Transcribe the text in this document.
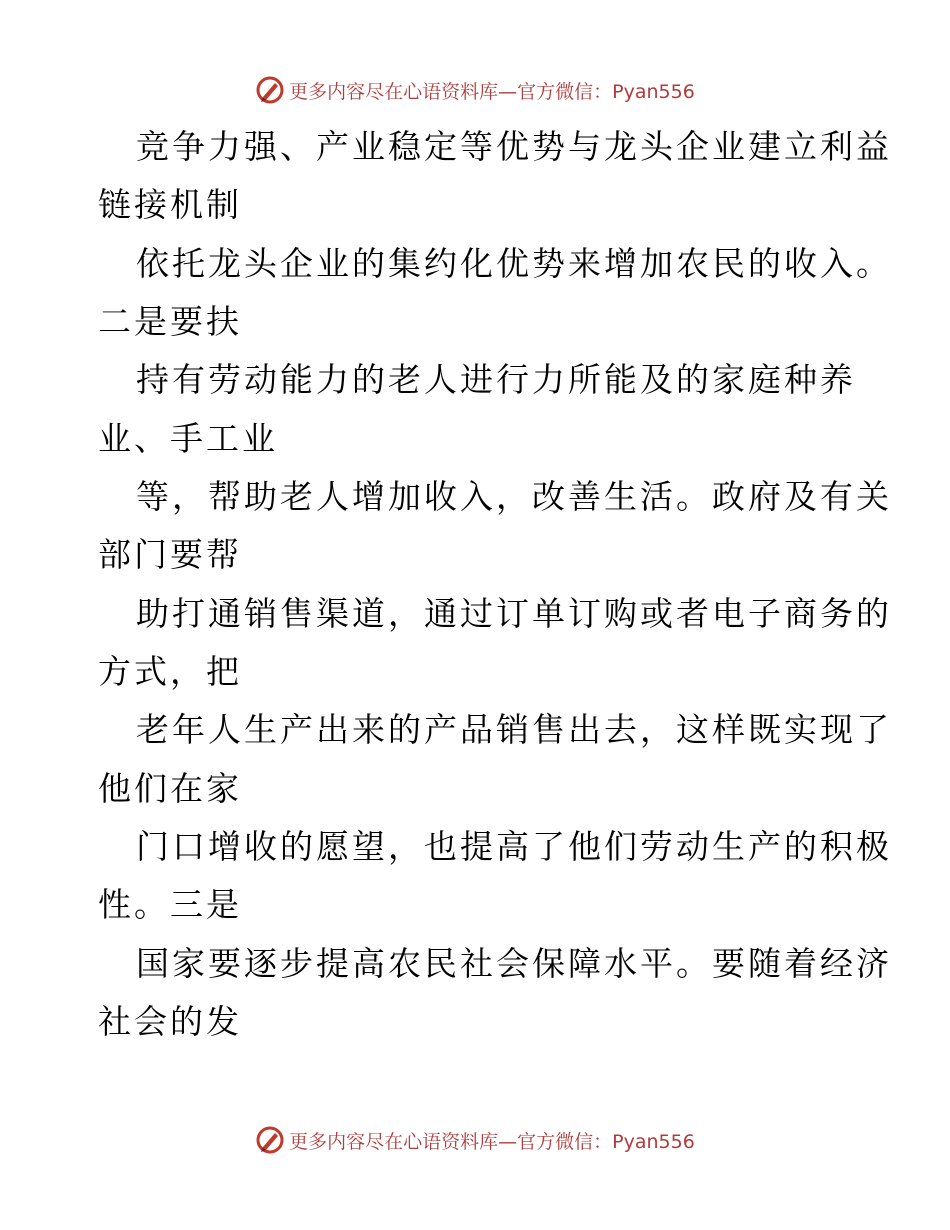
更多内容尽在心语资料库—官方微信：Pyan556
竞争力强、产业稳定等优势与龙头企业建立利益
链接机制
依托龙头企业的集约化优势来增加农民的收入。
二是要扶
持有劳动能力的老人进行力所能及的家庭种养
业、手工业
等，帮助老人增加收入，改善生活。政府及有关
部门要帮
助打通销售渠道，通过订单订购或者电子商务的
方式，把
老年人生产出来的产品销售出去，这样既实现了
他们在家
门口增收的愿望，也提高了他们劳动生产的积极
性。三是
国家要逐步提高农民社会保障水平。要随着经济
社会的发
更多内容尽在心语资料库—官方微信：Pyan556
